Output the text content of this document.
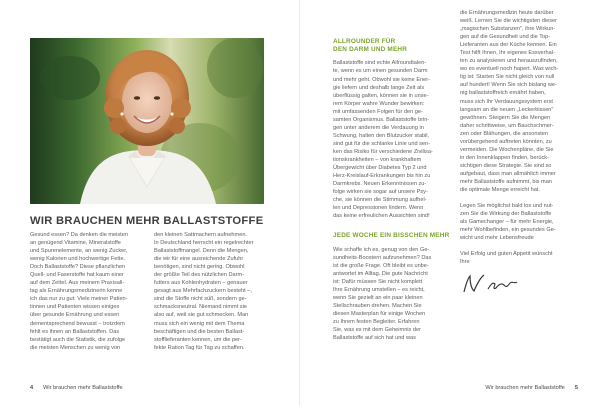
WIR BRAUCHEN MEHR BALLASTSTOFFE
Gesund essen? Da denken die meisten
an genügend Vitamine, Mineralstoffe
und Spurenelemente, an wenig Zucker,
wenig Kalorien und hochwertige Fette.
Doch Ballaststoffe? Diese pflanzlichen
Quell- und Faserstoffe hat kaum einer
auf dem Zettel. Aus meinem Praxisall-
tag als Ernährungsmedizinerin kenne
ich das nur zu gut: Viele meiner Patien-
tinnen und Patienten wissen einiges
über gesunde Ernährung und essen
dementsprechend bewusst – trotzdem
fehlt es ihnen an Ballaststoffen. Das
bestätigt auch die Statistik, die zufolge
die meisten Menschen zu wenig von
den kleinen Sattmachern aufnehmen.
In Deutschland herrscht ein regelrechter
Ballaststoffmangel. Denn die Mengen,
die wir für eine ausreichende Zufuhr
benötigen, sind nicht gering. Obwohl
der größte Teil des nützlichen Darm-
futters aus Kohlenhydraten – genauer
gesagt aus Mehrfachzuckern besteht –,
sind die Stoffe nicht süß, sondern ge-
schmacksneutral. Niemand nimmt sie
also auf, weil sie gut schmecken. Man
muss sich ein wenig mit dem Thema
beschäftigen und die besten Ballast-
stofflieferanten kennen, um die per-
fekte Ration Tag für Tag zu schaffen.
4 Wir brauchen mehr Ballaststoffe
ALLROUNDER FÜR
DEN DARM UND MEHR
Ballaststoffe sind echte Allroundtalen-
te, wenn es um einen gesunden Darm
und mehr geht. Obwohl sie keine Ener-
gie liefern und deshalb lange Zeit als
überflüssig galten, können sie in unse-
rem Körper wahre Wunder bewirken:
mit umfassenden Folgen für den ge-
samten Organismus. Ballaststoffe brin-
gen unter anderem die Verdauung in
Schwung, halten den Blutzucker stabil,
sind gut für die schlanke Linie und sen-
ken das Risiko für verschiedene Zivilisa-
tionskrankheiten – von krankhaftem
Übergewicht über Diabetes Typ 2 und
Herz-Kreislauf-Erkrankungen bis hin zu
Darmkrebs. Neuen Erkenntnissen zu-
folge wirken sie sogar auf unsere Psy-
che, sie können die Stimmung aufhel-
len und Depressionen lindern. Wenn
das keine erfreulichen Aussichten sind!
JEDE WOCHE EIN BISSCHEN MEHR
Wie schaffe ich es, genug von den Ge-
sundheits-Boostern aufzunehmen? Das
ist die große Frage. Oft bleibt es unbe-
antwortet im Alltag. Die gute Nachricht
ist: Dafür müssen Sie nicht komplett
Ihre Ernährung umstellen – es reicht,
wenn Sie gezielt an ein paar kleinen
Stellschrauben drehen. Machen Sie
diesen Masterplan für einige Wochen
zu Ihrem festen Begleiter. Erfahren
Sie, was es mit dem Geheimnis der
Ballaststoffe auf sich hat und was
die Ernährungsmedizin heute darüber
weiß. Lernen Sie die wichtigsten dieser
„magischen Substanzen", ihre Wirkun-
gen auf die Gesundheit und die Top-
Lieferanten aus der Küche kennen. Ein
Test hilft Ihnen, Ihr eigenes Essverhal-
ten zu analysieren und herauszufinden,
wo es eventuell noch hapert. Was wich-
tig ist: Starten Sie nicht gleich von null
auf hundert! Wenn Sie sich bislang we-
nig ballaststoffreich ernährt haben,
muss sich Ihr Verdauungssystem erst
langsam an die neuen „Leckerbissen"
gewöhnen. Steigern Sie die Mengen
daher schrittweise, um Bauchschmer-
zen oder Blähungen, die ansonsten
vorübergehend auftreten könnten, zu
vermeiden. Die Wochenpläne, die Sie
in den Innenklappen finden, berück-
sichtigen diese Strategie. Sie sind so
aufgebaut, dass man allmählich immer
mehr Ballaststoffe aufnimmt, bis man
die optimale Menge erreicht hat.
Legen Sie möglichst bald los und nut-
zen Sie die Wirkung der Ballaststoffe
als Gamechanger – für mehr Energie,
mehr Wohlbefinden, ein gesundes Ge-
wicht und mehr Lebensfreude
Viel Erfolg und guten Appetit wünscht
Ihre
Wir brauchen mehr Ballaststoffe 5
